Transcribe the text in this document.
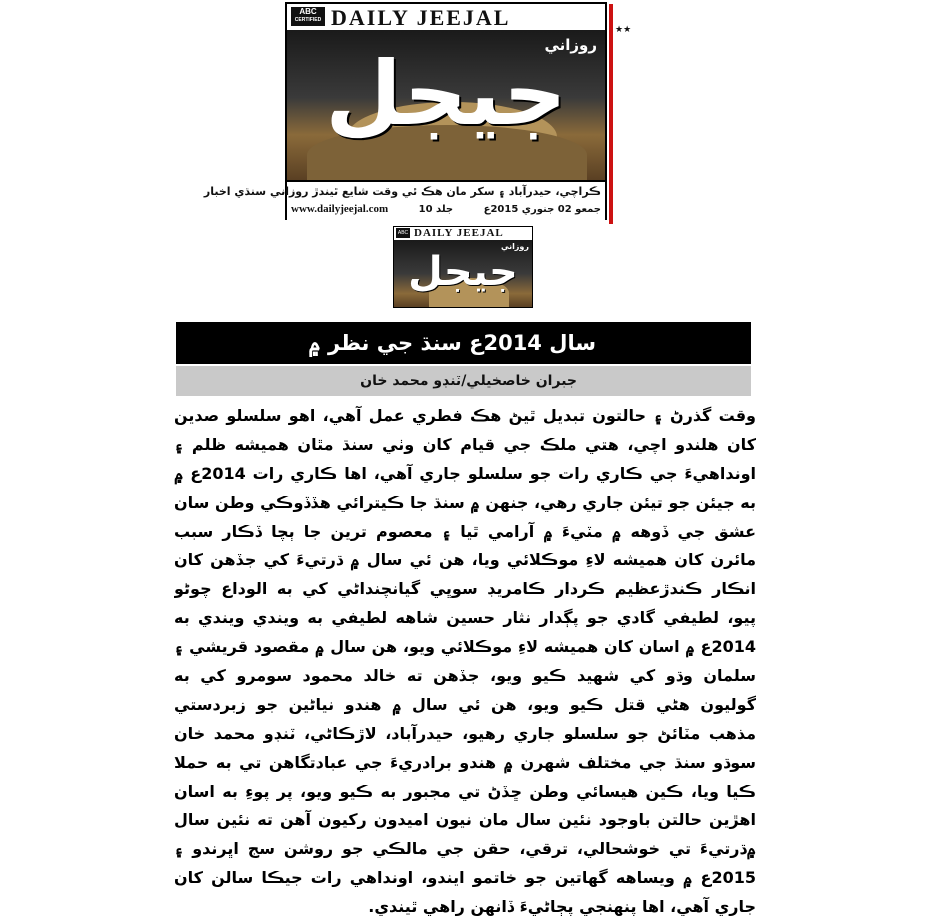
ABC
CERTIFIED DAILY JEEJAL
جيجل
روزاني
ڪراچي، حيدرآباد ۽ سکر مان هڪ ئي وقت شايع ٿيندڙ روزاني سنڌي اخبار
جمعو 02 جنوري 2015ع
جلد 10
www.dailyjeejal.com
★★
ABC DAILY JEEJAL
جيجل
روزاني
سال 2014ع سنڌ جي نظر ۾
جبران خاصخيلي/ٽنڊو محمد خان
وقت گذرڻ ۽ حالتون تبديل ٿيڻ هڪ فطري عمل آهي، اهو سلسلو صدين
کان هلندو اچي، هتي ملڪ جي قيام کان وٺي سنڌ مٿان هميشه ظلم ۽
اونداهيءَ جي ڪاري رات جو سلسلو جاري آهي، اها ڪاري رات 2014ع ۾
به جيئن جو تيئن جاري رهي، جنهن ۾ سنڌ جا ڪيترائي هڏڏوڪي وطن سان
عشق جي ڏوهه ۾ مٽيءَ ۾ آرامي ٿيا ۽ معصوم ترين جا ٻچا ڏڪار سبب
مائرن کان هميشه لاءِ موڪلائي ويا، هن ئي سال ۾ ڌرتيءَ کي جڏهن کان
انڪار ڪندڙعظيم ڪردار ڪامريڊ سوڀي گيانچنداڻي کي به الوداع چوڻو
پيو، لطيفي گادي جو پڳدار نثار حسين شاهه لطيفي به ويندي ويندي به
2014ع ۾ اسان کان هميشه لاءِ موڪلائي ويو، هن سال ۾ مقصود قريشي ۽
سلمان وڌو کي شهيد ڪيو ويو، جڏهن ته خالد محمود سومرو کي به
گوليون هڻي قتل ڪيو ويو، هن ئي سال ۾ هندو نياڻين جو زبردستي
مذهب مٽائڻ جو سلسلو جاري رهيو، حيدرآباد، لاڙڪاڻي، ٽنڊو محمد خان
سوڌو سنڌ جي مختلف شهرن ۾ هندو برادريءَ جي عبادتگاهن تي به حملا
ڪيا ويا، ڪين هيسائي وطن ڇڏڻ تي مجبور به ڪيو ويو، پر پوءِ به اسان
اهڙين حالتن باوجود نئين سال مان نيون اميدون رکيون آهن ته نئين سال
۾ڌرتيءَ تي خوشحالي، ترقي، حقن جي مالڪي جو روشن سج اڀرندو ۽
2015ع ۾ ويساهه گهاتين جو خاتمو ايندو، اونداهي رات جيڪا سالن کان
جاري آهي، اها پنهنجي پڄاڻيءَ ڏانهن راهي ٿيندي.
